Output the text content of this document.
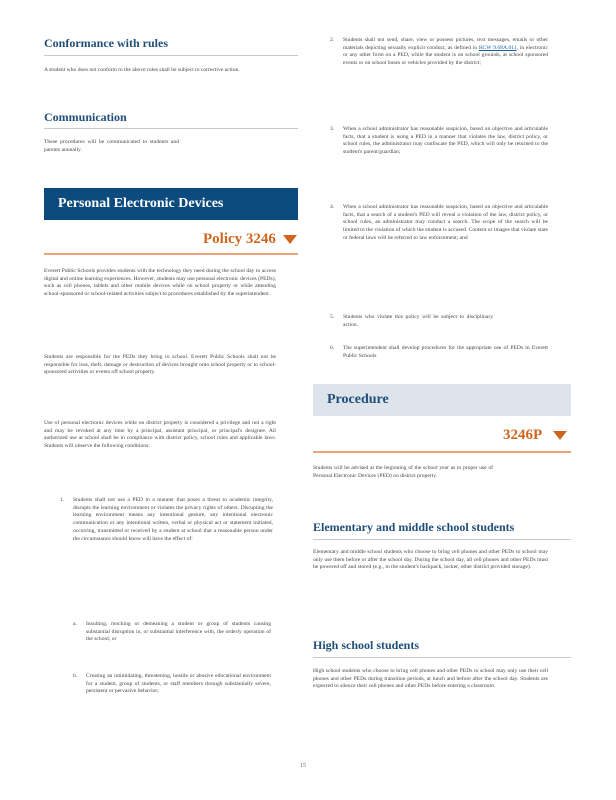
Conformance with rules
A student who does not conform to the above rules shall be subject to corrective action.
Communication
These procedures will be communicated to students and parents annually.
Personal Electronic Devices
Policy 3246
Everett Public Schools provides students with the technology they need during the school day to access digital and online learning experiences. However, students may use personal electronic devices (PEDs), such as cell phones, tablets and other mobile devices while on school property or while attending school-sponsored or school-related activities subject to procedures established by the superintendent.
Students are responsible for the PEDs they bring to school. Everett Public Schools shall not be responsible for loss, theft, damage or destruction of devices brought onto school property or to school-sponsored activities or events off school property.
Use of personal electronic devices while on district property is considered a privilege and not a right and may be revoked at any time by a principal, assistant principal, or principal's designee. All authorized use at school shall be in compliance with district policy, school rules and applicable laws. Students will observe the following conditions:
1. Students shall not use a PED in a manner that poses a threat to academic integrity, disrupts the learning environment or violates the privacy rights of others. Disrupting the learning environment means any intentional gesture, any intentional electronic communication or any intentional written, verbal or physical act or statement initiated, occurring, transmitted or received by a student at school that a reasonable person under the circumstance should know will have the effect of:
a. Insulting, mocking or demeaning a student or group of students causing substantial disruption in, or substantial interference with, the orderly operation of the school; or
b. Creating an intimidating, threatening, hostile or abusive educational environment for a student, group of students, or staff members through substantially severe, persistent or pervasive behavior;
2. Students shall not send, share, view or possess pictures, text messages, emails or other materials depicting sexually explicit conduct, as defined in RCW 9.68A.011, in electronic or any other form on a PED, while the student is on school grounds, at school sponsored events or on school buses or vehicles provided by the district;
3. When a school administrator has reasonable suspicion, based on objective and articulable facts, that a student is using a PED in a manner that violates the law, district policy, or school rules, the administrator may confiscate the PED, which will only be returned to the student's parent/guardian;
4. When a school administrator has reasonable suspicion, based on objective and articulable facts, that a search of a student's PED will reveal a violation of the law, district policy, or school rules, an administrator may conduct a search. The scope of the search will be limited to the violation of which the student is accused. Content or images that violate state or federal laws will be referred to law enforcement; and
5. Students who violate this policy will be subject to disciplinary action.
6. The superintendent shall develop procedures for the appropriate use of PEDs in Everett Public Schools
Procedure
3246P
Students will be advised at the beginning of the school year as to proper use of Personal Electronic Devices (PED) on district property.
Elementary and middle school students
Elementary and middle school students who choose to bring cell phones and other PEDs to school may only use them before or after the school day. During the school day, all cell phones and other PEDs must be powered off and stored (e.g., in the student's backpack, locker, other district provided storage).
High school students
High school students who choose to bring cell phones and other PEDs to school may only use their cell phones and other PEDs during transition periods, at lunch and before after the school day. Students are expected to silence their cell phones and other PEDs before entering a classroom.
15
